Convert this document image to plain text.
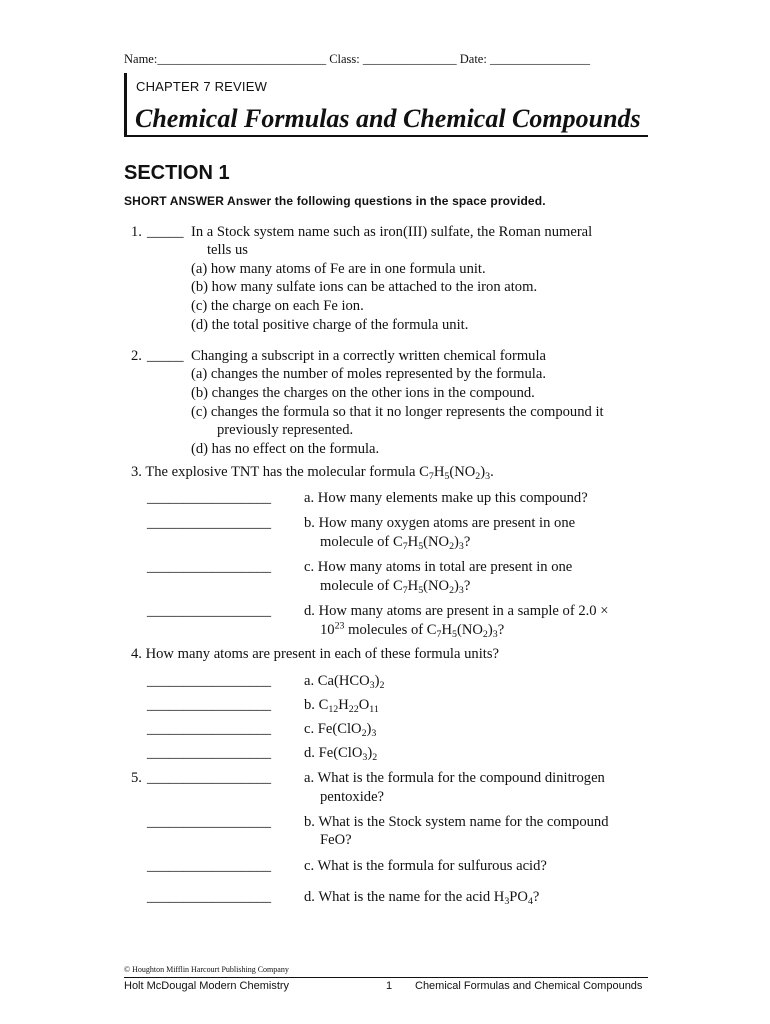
Name:___________________________ Class: _______________ Date: ________________
CHAPTER 7 REVIEW
Chemical Formulas and Chemical Compounds
SECTION 1
SHORT ANSWER Answer the following questions in the space provided.
1. _____ In a Stock system name such as iron(III) sulfate, the Roman numeral
tells us
(a) how many atoms of Fe are in one formula unit.
(b) how many sulfate ions can be attached to the iron atom.
(c) the charge on each Fe ion.
(d) the total positive charge of the formula unit.
2. _____ Changing a subscript in a correctly written chemical formula
(a) changes the number of moles represented by the formula.
(b) changes the charges on the other ions in the compound.
(c) changes the formula so that it no longer represents the compound it
previously represented.
(d) has no effect on the formula.
3. The explosive TNT has the molecular formula $C_7H_5(NO_2)_3$.
_________________ a. How many elements make up this compound?
_________________ b. How many oxygen atoms are present in one
molecule of $C_7H_5(NO_2)_3$?
_________________ c. How many atoms in total are present in one
molecule of $C_7H_5(NO_2)_3$?
_________________ d. How many atoms are present in a sample of 2.0 ×
$10^{23}$ molecules of $C_7H_5(NO_2)_3$?
4. How many atoms are present in each of these formula units?
_________________ a. $Ca(HCO_3)_2$
_________________ b. $C_{12}H_{22}O_{11}$
_________________ c. $Fe(ClO_2)_3$
_________________ d. $Fe(ClO_3)_2$
5. _________________ a. What is the formula for the compound dinitrogen
pentoxide?
_________________ b. What is the Stock system name for the compound
FeO?
_________________ c. What is the formula for sulfurous acid?
_________________ d. What is the name for the acid $H_3PO_4$?
© Houghton Mifflin Harcourt Publishing Company
Holt McDougal Modern Chemistry	1 Chemical Formulas and Chemical Compounds
